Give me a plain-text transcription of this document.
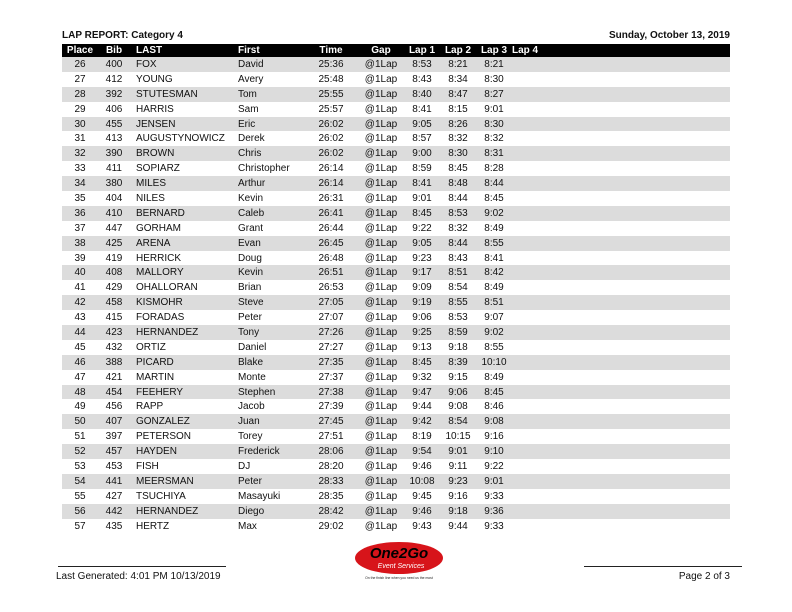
LAP REPORT: Category 4	Sunday, October 13, 2019
Place	Bib	LAST	First	Time	Gap	Lap 1	Lap 2	Lap 3	Lap 4
26	400	FOX	David	25:36	@1Lap	8:53	8:21	8:21	
27	412	YOUNG	Avery	25:48	@1Lap	8:43	8:34	8:30	
28	392	STUTESMAN	Tom	25:55	@1Lap	8:40	8:47	8:27	
29	406	HARRIS	Sam	25:57	@1Lap	8:41	8:15	9:01	
30	455	JENSEN	Eric	26:02	@1Lap	9:05	8:26	8:30	
31	413	AUGUSTYNOWICZ	Derek	26:02	@1Lap	8:57	8:32	8:32	
32	390	BROWN	Chris	26:02	@1Lap	9:00	8:30	8:31	
33	411	SOPIARZ	Christopher	26:14	@1Lap	8:59	8:45	8:28	
34	380	MILES	Arthur	26:14	@1Lap	8:41	8:48	8:44	
35	404	NILES	Kevin	26:31	@1Lap	9:01	8:44	8:45	
36	410	BERNARD	Caleb	26:41	@1Lap	8:45	8:53	9:02	
37	447	GORHAM	Grant	26:44	@1Lap	9:22	8:32	8:49	
38	425	ARENA	Evan	26:45	@1Lap	9:05	8:44	8:55	
39	419	HERRICK	Doug	26:48	@1Lap	9:23	8:43	8:41	
40	408	MALLORY	Kevin	26:51	@1Lap	9:17	8:51	8:42	
41	429	OHALLORAN	Brian	26:53	@1Lap	9:09	8:54	8:49	
42	458	KISMOHR	Steve	27:05	@1Lap	9:19	8:55	8:51	
43	415	FORADAS	Peter	27:07	@1Lap	9:06	8:53	9:07	
44	423	HERNANDEZ	Tony	27:26	@1Lap	9:25	8:59	9:02	
45	432	ORTIZ	Daniel	27:27	@1Lap	9:13	9:18	8:55	
46	388	PICARD	Blake	27:35	@1Lap	8:45	8:39	10:10	
47	421	MARTIN	Monte	27:37	@1Lap	9:32	9:15	8:49	
48	454	FEEHERY	Stephen	27:38	@1Lap	9:47	9:06	8:45	
49	456	RAPP	Jacob	27:39	@1Lap	9:44	9:08	8:46	
50	407	GONZALEZ	Juan	27:45	@1Lap	9:42	8:54	9:08	
51	397	PETERSON	Torey	27:51	@1Lap	8:19	10:15	9:16	
52	457	HAYDEN	Frederick	28:06	@1Lap	9:54	9:01	9:10	
53	453	FISH	DJ	28:20	@1Lap	9:46	9:11	9:22	
54	441	MEERSMAN	Peter	28:33	@1Lap	10:08	9:23	9:01	
55	427	TSUCHIYA	Masayuki	28:35	@1Lap	9:45	9:16	9:33	
56	442	HERNANDEZ	Diego	28:42	@1Lap	9:46	9:18	9:36	
57	435	HERTZ	Max	29:02	@1Lap	9:43	9:44	9:33	
Last Generated: 4:01 PM 10/13/2019	Page 2 of 3
One2Go
Event Services
On the finish line when you need us the most
